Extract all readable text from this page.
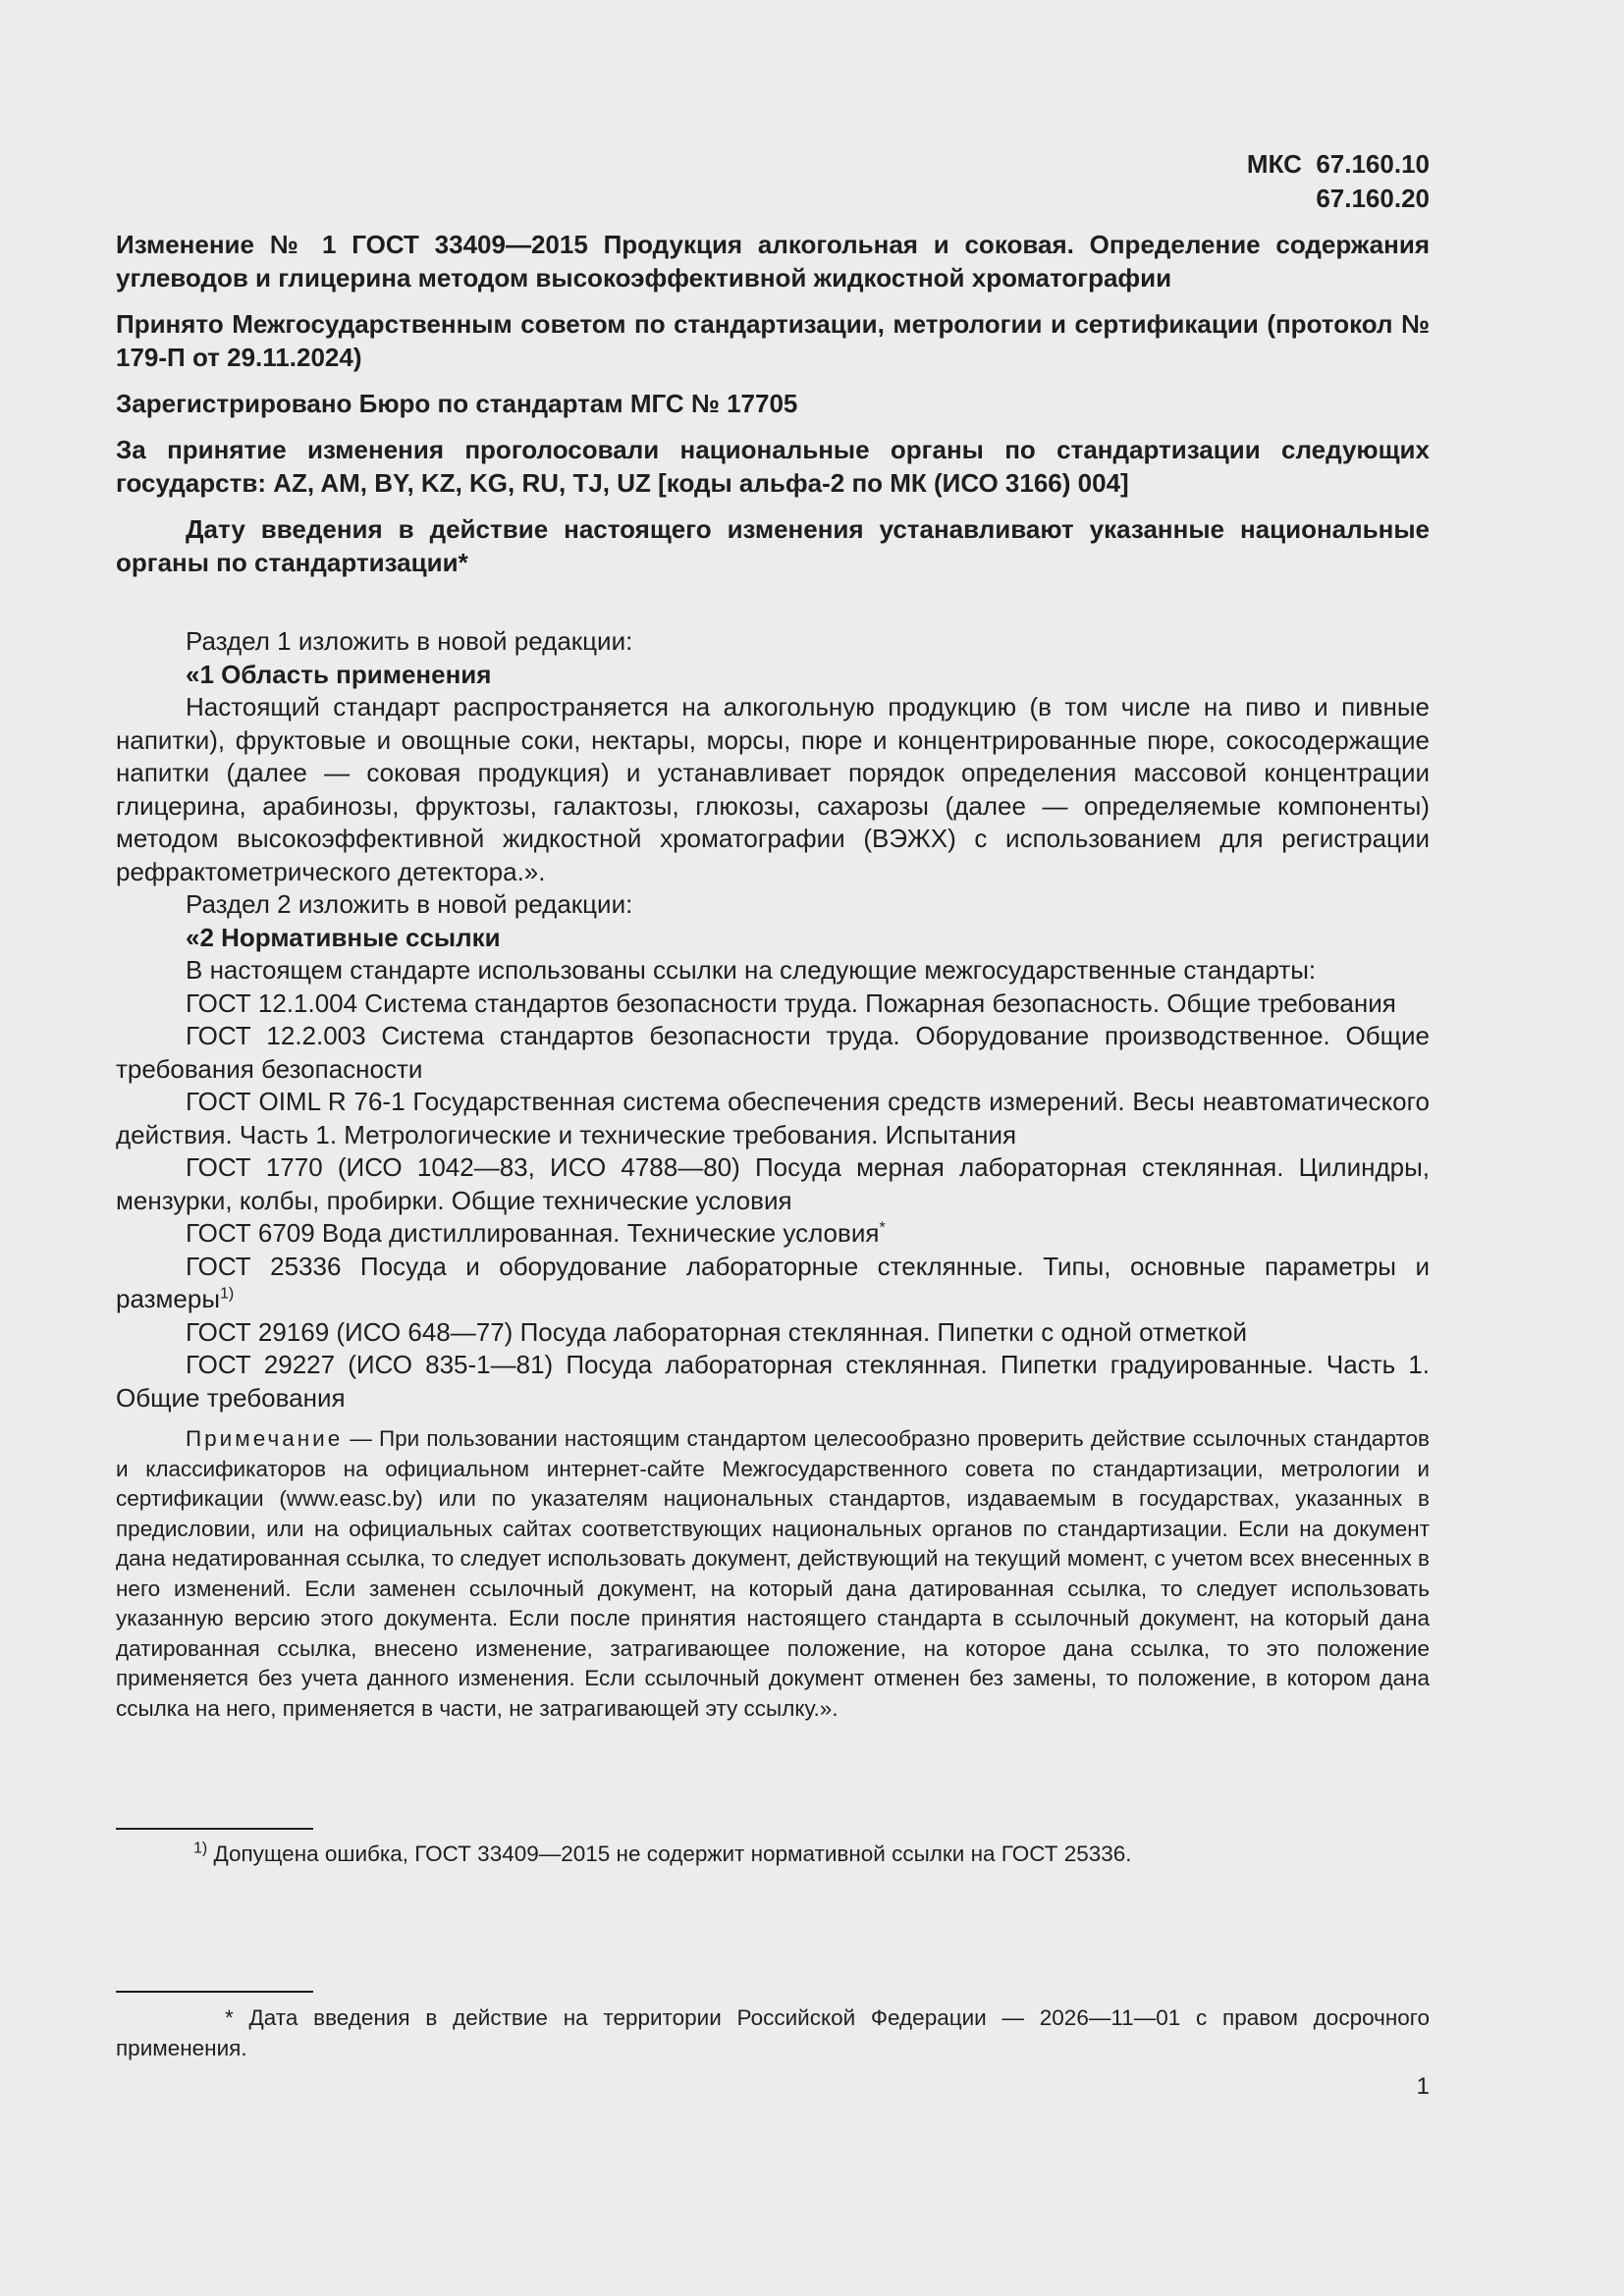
МКС 67.160.10
67.160.20

Изменение № 1 ГОСТ 33409—2015 Продукция алкогольная и соковая. Определение содержания углеводов и глицерина методом высокоэффективной жидкостной хроматографии

Принято Межгосударственным советом по стандартизации, метрологии и сертификации (протокол № 179-П от 29.11.2024)

Зарегистрировано Бюро по стандартам МГС № 17705

За принятие изменения проголосовали национальные органы по стандартизации следующих государств: AZ, AM, BY, KZ, KG, RU, TJ, UZ [коды альфа-2 по МК (ИСО 3166) 004]

Дату введения в действие настоящего изменения устанавливают указанные национальные органы по стандартизации*

Раздел 1 изложить в новой редакции:

«1 Область применения

Настоящий стандарт распространяется на алкогольную продукцию (в том числе на пиво и пивные напитки), фруктовые и овощные соки, нектары, морсы, пюре и концентрированные пюре, сокосодержащие напитки (далее — соковая продукция) и устанавливает порядок определения массовой концентрации глицерина, арабинозы, фруктозы, галактозы, глюкозы, сахарозы (далее — определяемые компоненты) методом высокоэффективной жидкостной хроматографии (ВЭЖХ) с использованием для регистрации рефрактометрического детектора.».

Раздел 2 изложить в новой редакции:

«2 Нормативные ссылки

В настоящем стандарте использованы ссылки на следующие межгосударственные стандарты:

ГОСТ 12.1.004 Система стандартов безопасности труда. Пожарная безопасность. Общие требования

ГОСТ 12.2.003 Система стандартов безопасности труда. Оборудование производственное. Общие требования безопасности

ГОСТ OIML R 76-1 Государственная система обеспечения средств измерений. Весы неавтоматического действия. Часть 1. Метрологические и технические требования. Испытания

ГОСТ 1770 (ИСО 1042—83, ИСО 4788—80) Посуда мерная лабораторная стеклянная. Цилиндры, мензурки, колбы, пробирки. Общие технические условия

ГОСТ 6709 Вода дистиллированная. Технические условия*

ГОСТ 25336 Посуда и оборудование лабораторные стеклянные. Типы, основные параметры и размеры$^{1)}$

ГОСТ 29169 (ИСО 648—77) Посуда лабораторная стеклянная. Пипетки с одной отметкой

ГОСТ 29227 (ИСО 835-1—81) Посуда лабораторная стеклянная. Пипетки градуированные. Часть 1. Общие требования

Примечание — При пользовании настоящим стандартом целесообразно проверить действие ссылочных стандартов и классификаторов на официальном интернет-сайте Межгосударственного совета по стандартизации, метрологии и сертификации (www.easc.by) или по указателям национальных стандартов, издаваемым в государствах, указанных в предисловии, или на официальных сайтах соответствующих национальных органов по стандартизации. Если на документ дана недатированная ссылка, то следует использовать документ, действующий на текущий момент, с учетом всех внесенных в него изменений. Если заменен ссылочный документ, на который дана датированная ссылка, то следует использовать указанную версию этого документа. Если после принятия настоящего стандарта в ссылочный документ, на который дана датированная ссылка, внесено изменение, затрагивающее положение, на которое дана ссылка, то это положение применяется без учета данного изменения. Если ссылочный документ отменен без замены, то положение, в котором дана ссылка на него, применяется в части, не затрагивающей эту ссылку.».

$^{1)}$ Допущена ошибка, ГОСТ 33409—2015 не содержит нормативной ссылки на ГОСТ 25336.
* Дата введения в действие на территории Российской Федерации — 2026—11—01 с правом досрочного применения.
1
